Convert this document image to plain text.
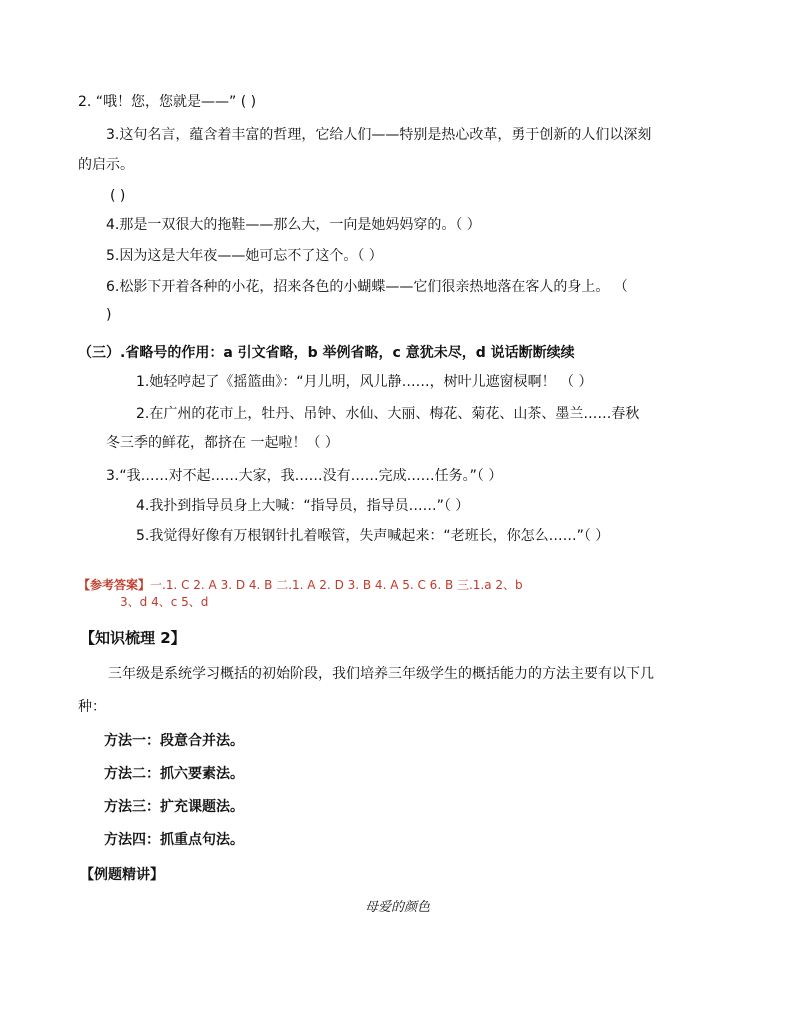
2. “哦！您，您就是——” ( )
3.这句名言，蕴含着丰富的哲理，它给人们——特别是热心改革，勇于创新的人们以深刻
的启示。
( )
4.那是一双很大的拖鞋——那么大，一向是她妈妈穿的。（ ）
5.因为这是大年夜——她可忘不了这个。（ ）
6.松影下开着各种的小花，招来各色的小蝴蝶——它们很亲热地落在客人的身上。 （
)
（三）.省略号的作用：a 引文省略，b 举例省略，c 意犹未尽，d 说话断断续续
1.她轻哼起了《摇篮曲》：“月儿明，风儿静……，树叶儿遮窗棂啊！ （ ）
2.在广州的花市上，牡丹、吊钟、水仙、大丽、梅花、菊花、山茶、墨兰……春秋
冬三季的鲜花，都挤在 一起啦！（ ）
3.“我……对不起……大家，我……没有……完成……任务。”（ ）
4.我扑到指导员身上大喊：“指导员，指导员……”（ ）
5.我觉得好像有万根钢针扎着喉管，失声喊起来：“老班长，你怎么……”（ ）
【参考答案】一.1. C 2. A 3. D 4. B 二.1. A 2. D 3. B 4. A 5. C 6. B 三.1.a 2、b
3、d 4、c 5、d
【知识梳理 2】
三年级是系统学习概括的初始阶段，我们培养三年级学生的概括能力的方法主要有以下几
种：
方法一：段意合并法。
方法二：抓六要素法。
方法三：扩充课题法。
方法四：抓重点句法。
【例题精讲】
母爱的颜色
